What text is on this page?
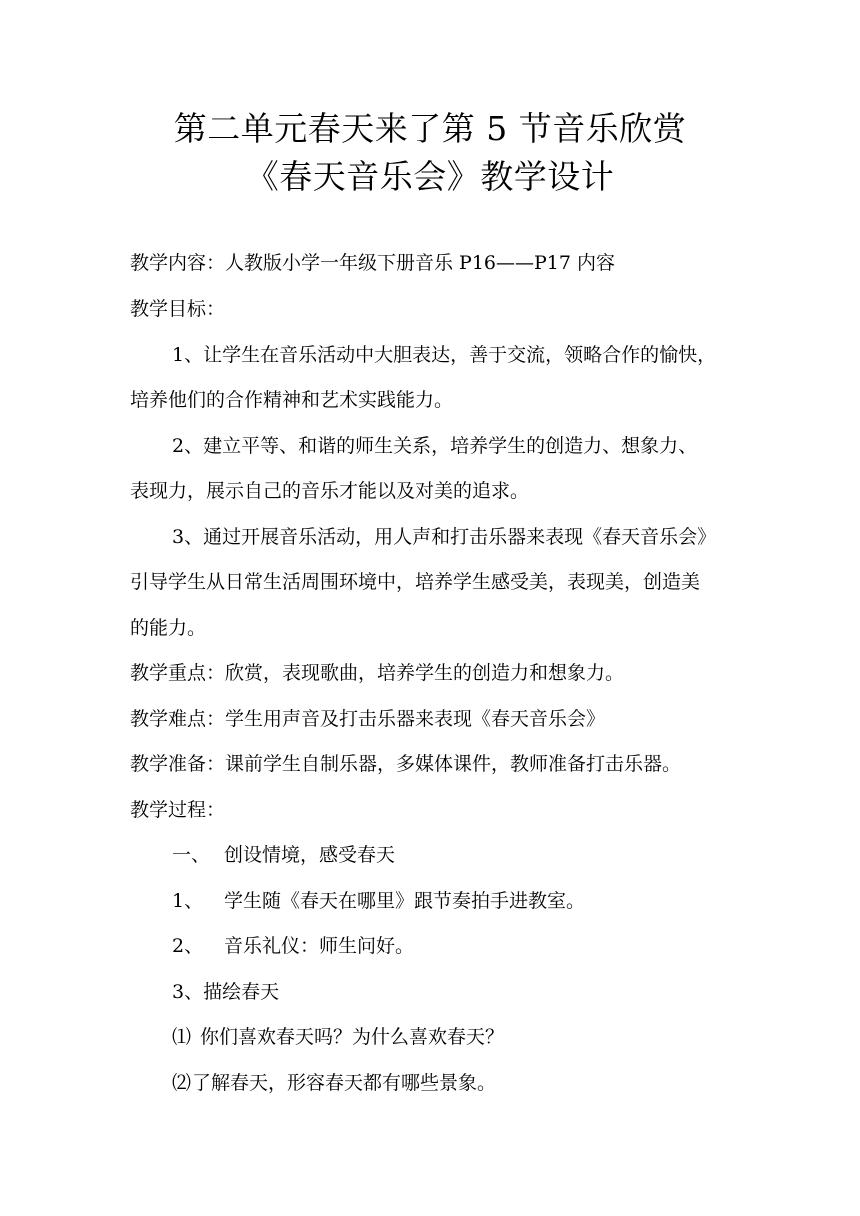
第二单元春天来了第 5 节音乐欣赏
《春天音乐会》教学设计
教学内容：人教版小学一年级下册音乐 P16——P17 内容
教学目标：
1、让学生在音乐活动中大胆表达，善于交流，领略合作的愉快，
培养他们的合作精神和艺术实践能力。
2、建立平等、和谐的师生关系，培养学生的创造力、想象力、
表现力，展示自己的音乐才能以及对美的追求。
3、通过开展音乐活动，用人声和打击乐器来表现《春天音乐会》
引导学生从日常生活周围环境中，培养学生感受美，表现美，创造美
的能力。
教学重点：欣赏，表现歌曲，培养学生的创造力和想象力。
教学难点：学生用声音及打击乐器来表现《春天音乐会》
教学准备：课前学生自制乐器，多媒体课件，教师准备打击乐器。
教学过程：
一、 创设情境，感受春天
1、 学生随《春天在哪里》跟节奏拍手进教室。
2、 音乐礼仪：师生问好。
3、描绘春天
⑴ 你们喜欢春天吗？为什么喜欢春天？
⑵ 了解春天，形容春天都有哪些景象。
